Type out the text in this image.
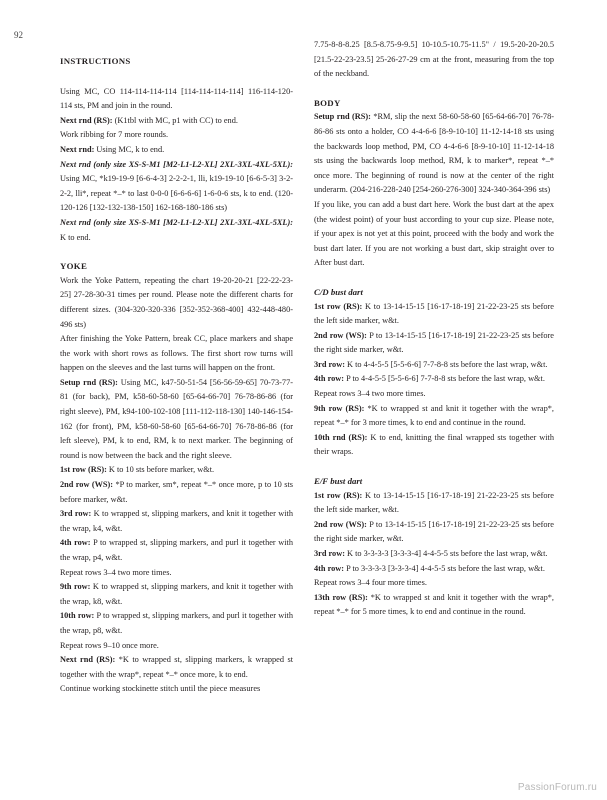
92
INSTRUCTIONS

Using MC, CO 114-114-114-114 [114-114-114-114] 116-114-120-114 sts, PM and join in the round.

Next rnd (RS): (K1tbl with MC, p1 with CC) to end.

Work ribbing for 7 more rounds.

Next rnd: Using MC, k to end.

Next rnd (only size XS-S-M1 [M2-L1-L2-XL] 2XL-3XL-4XL-5XL): Using MC, *k19-19-9 [6-6-4-3] 2-2-2-1, lli, k19-19-10 [6-6-5-3] 3-2-2-2, lli*, repeat *–* to last 0-0-0 [6-6-6-6] 1-6-0-6 sts, k to end. (120-120-126 [132-132-138-150] 162-168-180-186 sts)

Next rnd (only size XS-S-M1 [M2-L1-L2-XL] 2XL-3XL-4XL-5XL): K to end.

YOKE

Work the Yoke Pattern, repeating the chart 19-20-20-21 [22-22-23-25] 27-28-30-31 times per round. Please note the different charts for different sizes. (304-320-320-336 [352-352-368-400] 432-448-480-496 sts)

After finishing the Yoke Pattern, break CC, place markers and shape the work with short rows as follows. The first short row turns will happen on the sleeves and the last turns will happen on the front.

Setup rnd (RS): Using MC, k47-50-51-54 [56-56-59-65] 70-73-77-81 (for back), PM, k58-60-58-60 [65-64-66-70] 76-78-86-86 (for right sleeve), PM, k94-100-102-108 [111-112-118-130] 140-146-154-162 (for front), PM, k58-60-58-60 [65-64-66-70] 76-78-86-86 (for left sleeve), PM, k to end, RM, k to next marker. The beginning of round is now between the back and the right sleeve.

1st row (RS): K to 10 sts before marker, w&t.

2nd row (WS): *P to marker, sm*, repeat *–* once more, p to 10 sts before marker, w&t.

3rd row: K to wrapped st, slipping markers, and knit it together with the wrap, k4, w&t.

4th row: P to wrapped st, slipping markers, and purl it together with the wrap, p4, w&t.

Repeat rows 3–4 two more times.

9th row: K to wrapped st, slipping markers, and knit it together with the wrap, k8, w&t.

10th row: P to wrapped st, slipping markers, and purl it together with the wrap, p8, w&t.

Repeat rows 9–10 once more.

Next rnd (RS): *K to wrapped st, slipping markers, k wrapped st together with the wrap*, repeat *–* once more, k to end.

Continue working stockinette stitch until the piece measures

7.75-8-8-8.25 [8.5-8.75-9-9.5] 10-10.5-10.75-11.5" / 19.5-20-20-20.5 [21.5-22-23-23.5] 25-26-27-29 cm at the front, measuring from the top of the neckband.

BODY

Setup rnd (RS): *RM, slip the next 58-60-58-60 [65-64-66-70] 76-78-86-86 sts onto a holder, CO 4-4-6-6 [8-9-10-10] 11-12-14-18 sts using the backwards loop method, PM, CO 4-4-6-6 [8-9-10-10] 11-12-14-18 sts using the backwards loop method, RM, k to marker*, repeat *–* once more. The beginning of round is now at the center of the right underarm. (204-216-228-240 [254-260-276-300] 324-340-364-396 sts)

If you like, you can add a bust dart here. Work the bust dart at the apex (the widest point) of your bust according to your cup size. Please note, if your apex is not yet at this point, proceed with the body and work the bust dart later. If you are not working a bust dart, skip straight over to After bust dart.

C/D bust dart

1st row (RS): K to 13-14-15-15 [16-17-18-19] 21-22-23-25 sts before the left side marker, w&t.

2nd row (WS): P to 13-14-15-15 [16-17-18-19] 21-22-23-25 sts before the right side marker, w&t.

3rd row: K to 4-4-5-5 [5-5-6-6] 7-7-8-8 sts before the last wrap, w&t.

4th row: P to 4-4-5-5 [5-5-6-6] 7-7-8-8 sts before the last wrap, w&t.

Repeat rows 3–4 two more times.

9th row (RS): *K to wrapped st and knit it together with the wrap*, repeat *–* for 3 more times, k to end and continue in the round.

10th rnd (RS): K to end, knitting the final wrapped sts together with their wraps.

E/F bust dart

1st row (RS): K to 13-14-15-15 [16-17-18-19] 21-22-23-25 sts before the left side marker, w&t.

2nd row (WS): P to 13-14-15-15 [16-17-18-19] 21-22-23-25 sts before the right side marker, w&t.

3rd row: K to 3-3-3-3 [3-3-3-4] 4-4-5-5 sts before the last wrap, w&t.

4th row: P to 3-3-3-3 [3-3-3-4] 4-4-5-5 sts before the last wrap, w&t.

Repeat rows 3–4 four more times.

13th row (RS): *K to wrapped st and knit it together with the wrap*, repeat *–* for 5 more times, k to end and continue in the round.

PassionForum.ru
